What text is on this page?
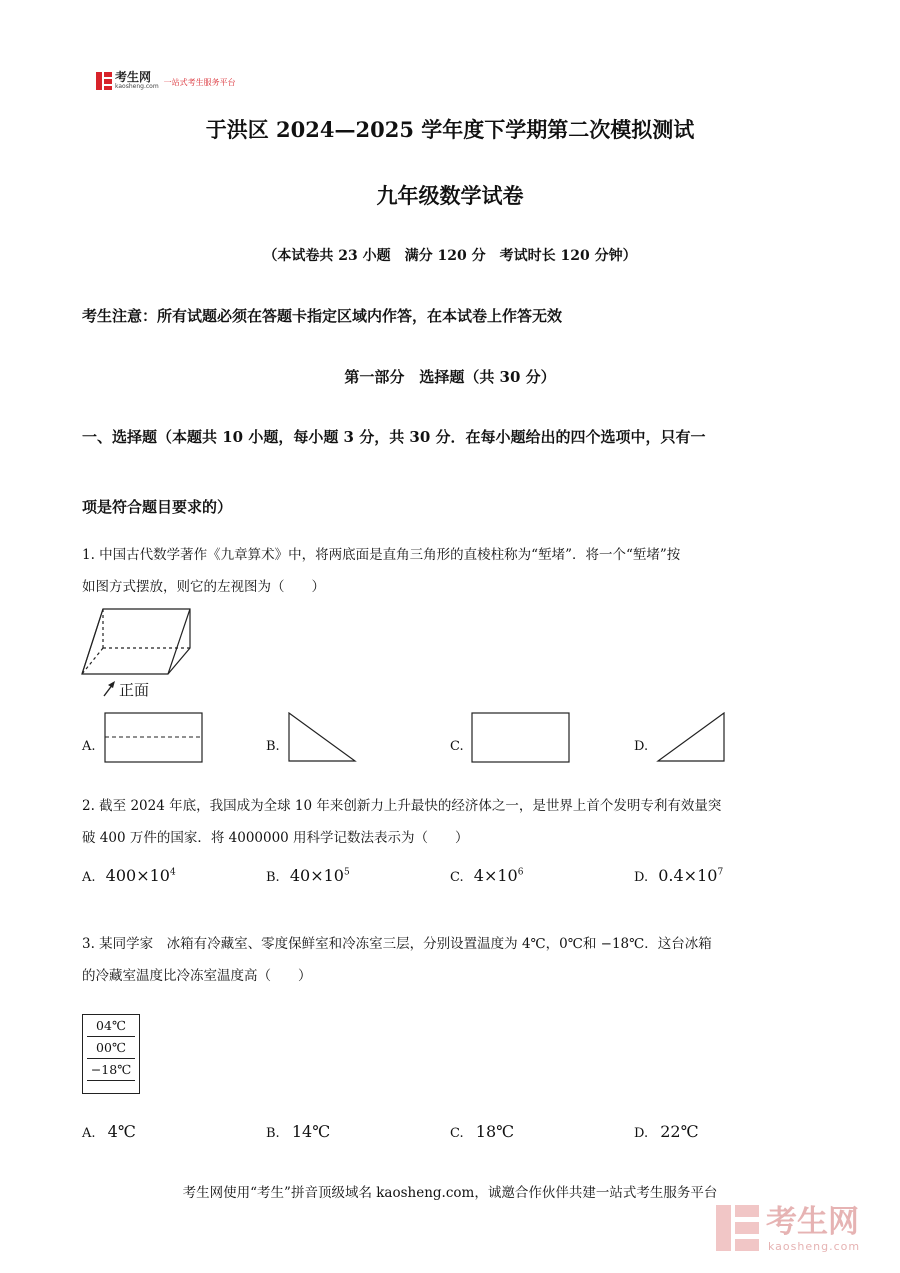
考生网
kaosheng.com 一站式考生服务平台
于洪区 2024—2025 学年度下学期第二次模拟测试
九年级数学试卷
（本试卷共 23 小题　满分 120 分　考试时长 120 分钟）
考生注意：所有试题必须在答题卡指定区域内作答，在本试卷上作答无效
第一部分　选择题（共 30 分）
一、选择题（本题共 10 小题，每小题 3 分，共 30 分．在每小题给出的四个选项中，只有一
项是符合题目要求的）
1. 中国古代数学著作《九章算术》中，将两底面是直角三角形的直棱柱称为“堑堵”．将一个“堑堵”按
如图方式摆放，则它的左视图为（　　）
正面
A.	B.	C.	D.
2. 截至 2024 年底，我国成为全球 10 年来创新力上升最快的经济体之一，是世界上首个发明专利有效量突
破 400 万件的国家．将 4000000 用科学记数法表示为（　　）
A. $400\times 10^4$	B. $40\times 10^5$	C. $4\times 10^6$	D. $0.4\times 10^7$
3. 某同学家　冰箱有冷藏室、零度保鲜室和冷冻室三层，分别设置温度为 4℃，0℃和 −18℃．这台冰箱
的冷藏室温度比冷冻室温度高（　　）
04℃
00℃
−18℃
A. 4℃	B. 14℃	C. 18℃	D. 22℃
考生网使用“考生”拼音顶级域名 kaosheng.com，诚邀合作伙伴共建一站式考生服务平台
考生网
kaosheng.com
